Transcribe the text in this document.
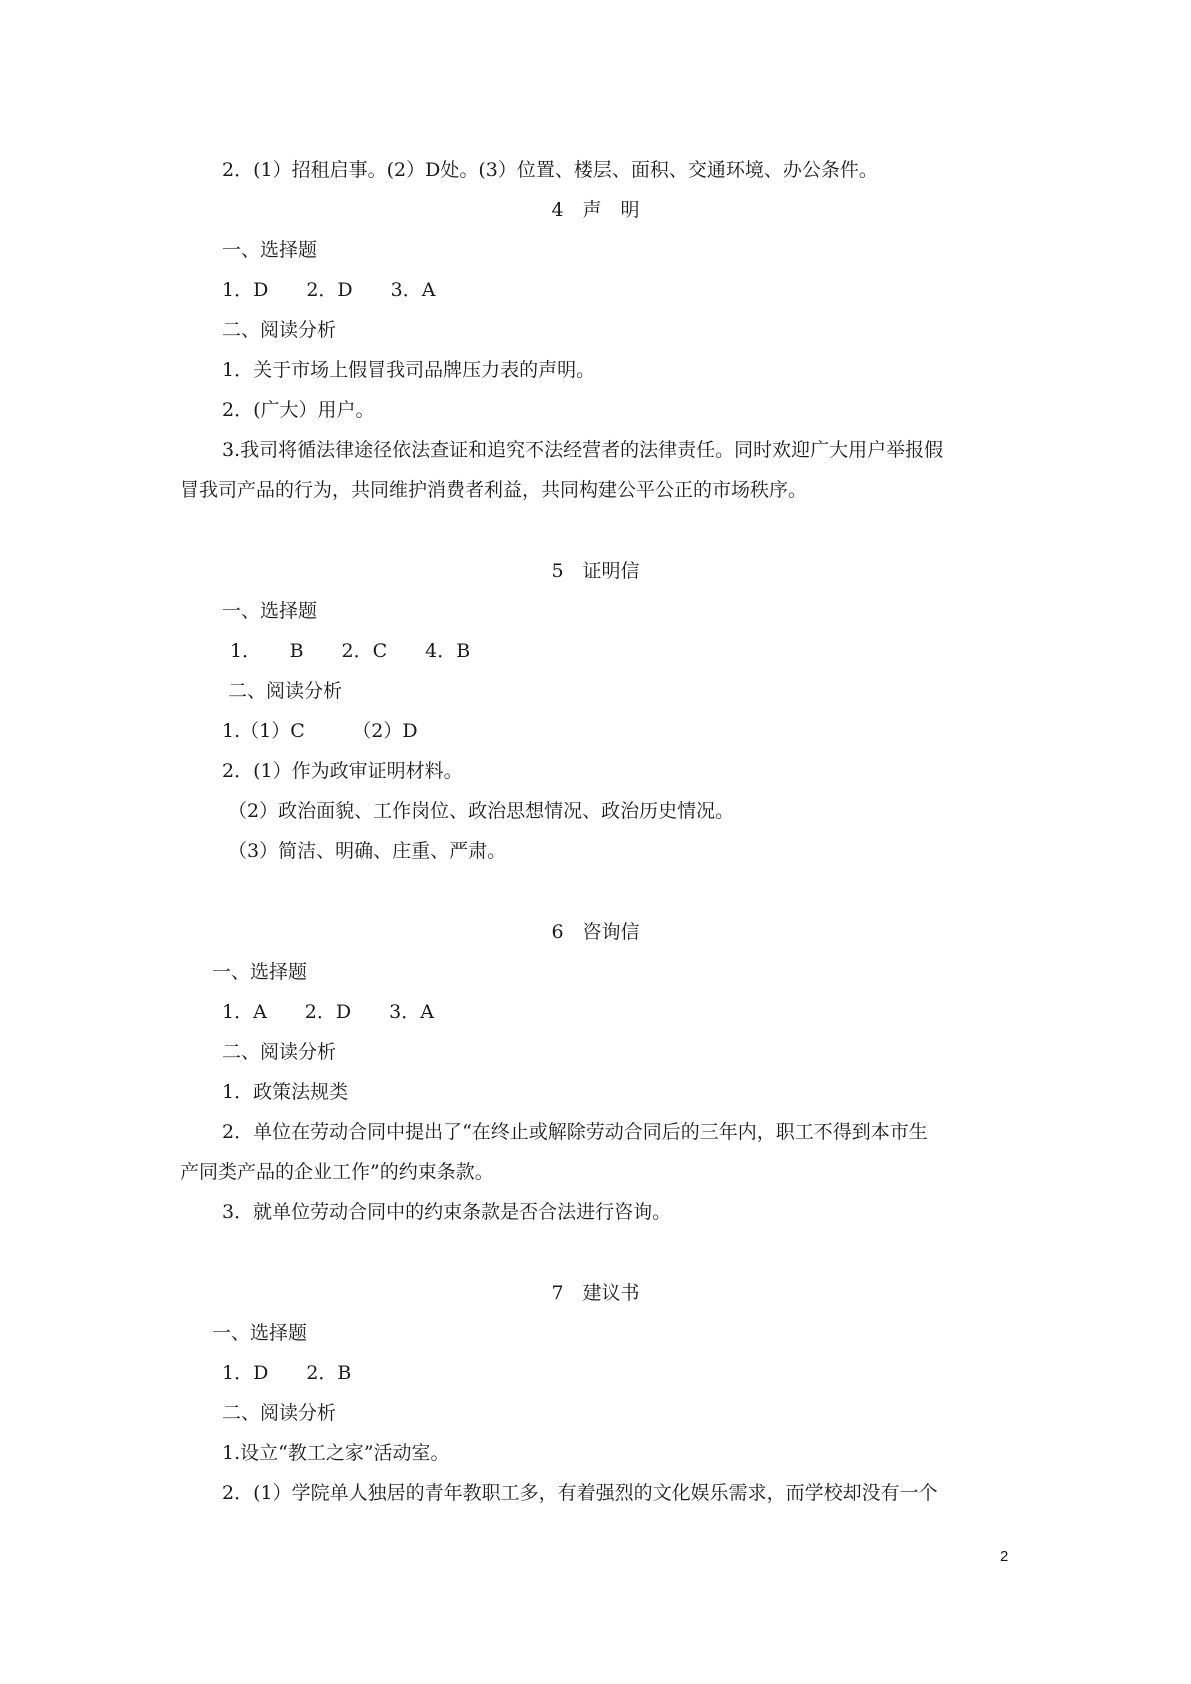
2．(1）招租启事。(2）D处。(3）位置、楼层、面积、交通环境、办公条件。

4　声　明

一、选择题

1．D　　2．D　　3．A

二、阅读分析

1．关于市场上假冒我司品牌压力表的声明。

2．(广大）用户。

3.我司将循法律途径依法查证和追究不法经营者的法律责任。同时欢迎广大用户举报假

冒我司产品的行为，共同维护消费者利益，共同构建公平公正的市场秩序。

5　证明信

一、选择题

1．　　B　　2．C　　4．B

二、阅读分析

1.（1）C　　　（2）D

2．(1）作为政审证明材料。

（2）政治面貌、工作岗位、政治思想情况、政治历史情况。

（3）简洁、明确、庄重、严肃。

6　咨询信

一、选择题

1．A　　2．D　　3．A

二、阅读分析

1．政策法规类

2．单位在劳动合同中提出了“在终止或解除劳动合同后的三年内，职工不得到本市生

产同类产品的企业工作”的约束条款。

3．就单位劳动合同中的约束条款是否合法进行咨询。

7　建议书

一、选择题

1．D　　2．B

二、阅读分析

1.设立“教工之家”活动室。

2．(1）学院单人独居的青年教职工多，有着强烈的文化娱乐需求，而学校却没有一个

2
